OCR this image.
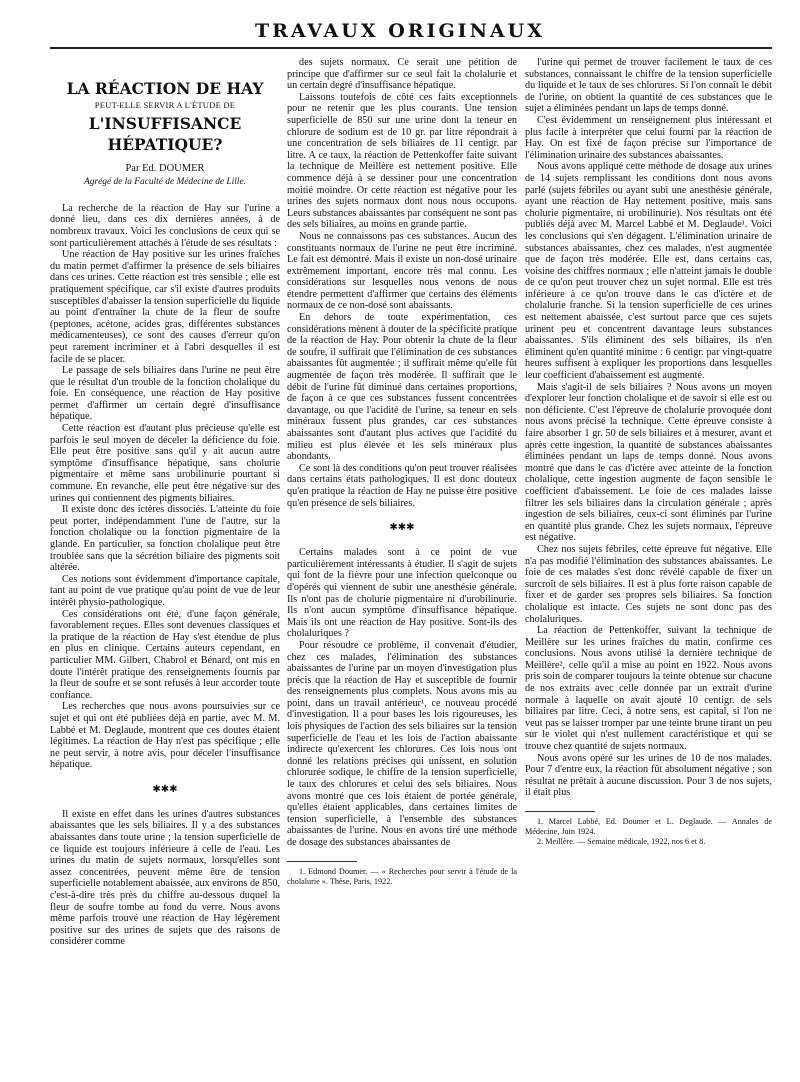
TRAVAUX ORIGINAUX
LA RÉACTION DE HAY
PEUT-ELLE SERVIR A L'ÉTUDE DE
L'INSUFFISANCE HÉPATIQUE?
Par Ed. DOUMER
Agrégé de la Faculté de Médecine de Lille.

La recherche de la réaction de Hay sur l'urine a donné lieu, dans ces dix dernières années, à de nombreux travaux. Voici les conclusions de ceux qui se sont particulièrement attachés à l'étude de ses résultats :

Une réaction de Hay positive sur les urines fraîches du matin permet d'affirmer la présence de sels biliaires dans ces urines. Cette réaction est très sensible ; elle est pratiquement spécifique, car s'il existe d'autres produits susceptibles d'abaisser la tension superficielle du liquide au point d'entraîner la chute de la fleur de soufre (peptones, acétone, acides gras, différentes substances médicamenteuses), ce sont des causes d'erreur qu'on peut rarement incriminer et à l'abri desquelles il est facile de se placer.

Le passage de sels biliaires dans l'urine ne peut être que le résultat d'un trouble de la fonction cholalique du foie. En conséquence, une réaction de Hay positive permet d'affirmer un certain degré d'insuffisance hépatique.

Cette réaction est d'autant plus précieuse qu'elle est parfois le seul moyen de déceler la déficience du foie. Elle peut être positive sans qu'il y ait aucun autre symptôme d'insuffisance hépatique, sans cholurie pigmentaire et même sans urobilinurie pourtant si commune. En revanche, elle peut être négative sur des urines qui contiennent des pigments biliaires.

Il existe donc des ictères dissociés. L'atteinte du foie peut porter, indépendamment l'une de l'autre, sur la fonction cholalique ou la fonction pigmentaire de la glande. En particulier, sa fonction cholalique peut être troublée sans que la sécrétion biliaire des pigments soit altérée.

Ces notions sont évidemment d'importance capitale, tant au point de vue pratique qu'au point de vue de leur intérêt physio-pathologique.

Ces considérations ont été, d'une façon générale, favorablement reçues. Elles sont devenues classiques et la pratique de la réaction de Hay s'est étendue de plus en plus en clinique. Certains auteurs cependant, en particulier MM. Gilbert, Chabrol et Bénard, ont mis en doute l'intérêt pratique des renseignements fournis par la fleur de soufre et se sont refusés à leur accorder toute confiance.

Les recherches que nous avons poursuivies sur ce sujet et qui ont été publiées déjà en partie, avec M. M. Labbé et M. Deglaude, montrent que ces doutes étaient légitimes. La réaction de Hay n'est pas spécifique ; elle ne peut servir, à notre avis, pour déceler l'insuffisance hépatique.

✱✱✱

Il existe en effet dans les urines d'autres substances abaissantes que les sels biliaires. Il y a des substances abaissantes dans toute urine ; la tension superficielle de ce liquide est toujours inférieure à celle de l'eau. Les urines du matin de sujets normaux, lorsqu'elles sont assez concentrées, peuvent même être de tension superficielle notablement abaissée, aux environs de 850, c'est-à-dire très près du chiffre au-dessous duquel la fleur de soufre tombe au fond du verre. Nous avons même parfois trouvé une réaction de Hay légèrement positive sur des urines de sujets que des raisons de considérer comme

des sujets normaux. Ce serait une pétition de principe que d'affirmer sur ce seul fait la cholalurie et un certain degré d'insuffisance hépatique.

Laissons toutefois de côté ces faits exceptionnels pour ne retenir que les plus courants. Une tension superficielle de 850 sur une urine dont la teneur en chlorure de sodium est de 10 gr. par litre répondrait à une concentration de sels biliaires de 11 centigr. par litre. A ce taux, la réaction de Pettenkoffer faite suivant la technique de Meillère est nettement positive. Elle commence déjà à se dessiner pour une concentration moitié moindre. Or cette réaction est négative pour les urines des sujets normaux dont nous nous occupons. Leurs substances abaissantes par conséquent ne sont pas des sels biliaires, au moins en grande partie.

Nous ne connaissons pas ces substances. Aucun des constituants normaux de l'urine ne peut être incriminé. Le fait est démontré. Mais il existe un non-dosé urinaire extrêmement important, encore très mal connu. Les considérations sur lesquelles nous venons de nous étendre permettent d'affirmer que certains des éléments normaux de ce non-dosé sont abaissants.

En dehors de toute expérimentation, ces considérations mènent à douter de la spécificité pratique de la réaction de Hay. Pour obtenir la chute de la fleur de soufre, il suffirait que l'élimination de ces substances abaissantes fût augmentée ; il suffirait même qu'elle fût augmentée de façon très modérée. Il suffirait que le débit de l'urine fût diminué dans certaines proportions, de façon à ce que ces substances fussent concentrées davantage, ou que l'acidité de l'urine, sa teneur en sels minéraux fussent plus grandes, car ces substances abaissantes sont d'autant plus actives que l'acidité du milieu est plus élevée et les sels minéraux plus abondants.

Ce sont là des conditions qu'on peut trouver réalisées dans certains états pathologiques. Il est donc douteux qu'en pratique la réaction de Hay ne puisse être positive qu'en présence de sels biliaires.

✱✱✱

Certains malades sont à ce point de vue particulièrement intéressants à étudier. Il s'agit de sujets qui font de la fièvre pour une infection quelconque ou d'opérés qui viennent de subir une anesthésie générale. Ils n'ont pas de cholurie pigmentaire ni d'urobilinurie. Ils n'ont aucun symptôme d'insuffisance hépatique. Mais ils ont une réaction de Hay positive. Sont-ils des cholaluriques ?

Pour résoudre ce problème, il convenait d'étudier, chez ces malades, l'élimination des substances abaissantes de l'urine par un moyen d'investigation plus précis que la réaction de Hay et susceptible de fournir des renseignements plus complets. Nous avons mis au point, dans un travail antérieur¹, ce nouveau procédé d'investigation. Il a pour bases les lois rigoureuses, les lois physiques de l'action des sels biliaires sur la tension superficielle de l'eau et les lois de l'action abaissante indirecte qu'exercent les chlorures. Ces lois nous ont donné les relations précises qui unissent, en solution chlorurée sodique, le chiffre de la tension superficielle, le taux des chlorures et celui des sels biliaires. Nous avons montré que ces lois étaient de portée générale, qu'elles étaient applicables, dans certaines limites de tension superficielle, à l'ensemble des substances abaissantes de l'urine. Nous en avons tiré une méthode de dosage des substances abaissantes de

1. Edmond Doumer. — « Recherches pour servir à l'étude de la cholalurie ». Thèse, Paris, 1922.

l'urine qui permet de trouver facilement le taux de ces substances, connaissant le chiffre de la tension superficielle du liquide et le taux de ses chlorures. Si l'on connaît le débit de l'urine, on obtient la quantité de ces substances que le sujet a éliminées pendant un laps de temps donné.

C'est évidemment un renseignement plus intéressant et plus facile à interpréter que celui fourni par la réaction de Hay. On est fixé de façon précise sur l'importance de l'élimination urinaire des substances abaissantes.

Nous avons appliqué cette méthode de dosage aux urines de 14 sujets remplissant les conditions dont nous avons parlé (sujets fébriles ou ayant subi une anesthésie générale, ayant une réaction de Hay nettement positive, mais sans cholurie pigmentaire, ni urobilinurie). Nos résultats ont été publiés déjà avec M. Marcel Labbé et M. Deglaude¹. Voici les conclusions qui s'en dégagent. L'élimination urinaire de substances abaissantes, chez ces malades, n'est augmentée que de façon très modérée. Elle est, dans certains cas, voisine des chiffres normaux ; elle n'atteint jamais le double de ce qu'on peut trouver chez un sujet normal. Elle est très inférieure à ce qu'on trouve dans le cas d'ictère et de cholalurie franche. Si la tension superficielle de ces urines est nettement abaissée, c'est surtout parce que ces sujets urinent peu et concentrent davantage leurs substances abaissantes. S'ils éliminent des sels biliaires, ils n'en éliminent qu'en quantité minime : 6 centigr. par vingt-quatre heures suffisent à expliquer les proportions dans lesquelles leur coefficient d'abaissement est augmenté.

Mais s'agit-il de sels biliaires ? Nous avons un moyen d'explorer leur fonction cholalique et de savoir si elle est ou non déficiente. C'est l'épreuve de cholalurie provoquée dont nous avons précisé la technique. Cette épreuve consiste à faire absorber 1 gr. 50 de sels biliaires et à mesurer, avant et après cette ingestion, la quantité de substances abaissantes éliminées pendant un laps de temps donné. Nous avons montré que dans le cas d'ictère avec atteinte de la fonction cholalique, cette ingestion augmente de façon sensible le coefficient d'abaissement. Le foie de ces malades laisse filtrer les sels biliaires dans la circulation générale ; après ingestion de sels biliaires, ceux-ci sont éliminés par l'urine en quantité plus grande. Chez les sujets normaux, l'épreuve est négative.

Chez nos sujets fébriles, cette épreuve fut négative. Elle n'a pas modifié l'élimination des substances abaissantes. Le foie de ces malades s'est donc révélé capable de fixer un surcroît de sels biliaires. Il est à plus forte raison capable de fixer et de garder ses propres sels biliaires. Sa fonction cholalique est intacte. Ces sujets ne sont donc pas des cholaluriques.

La réaction de Pettenkoffer, suivant la technique de Meillère sur les urines fraîches du matin, confirme ces conclusions. Nous avons utilisé la dernière technique de Meillère², celle qu'il a mise au point en 1922. Nous avons pris soin de comparer toujours la teinte obtenue sur chacune de nos extraits avec celle donnée par un extrait d'urine normale à laquelle on avait ajouté 10 centigr. de sels biliaires par litre. Ceci, à notre sens, est capital, si l'on ne veut pas se laisser tromper par une teinte brune tirant un peu sur le violet qui n'est nullement caractéristique et qui se trouve chez quantité de sujets normaux.

Nous avons opéré sur les urines de 10 de nos malades. Pour 7 d'entre eux, la réaction fût absolument négative ; son résultat ne prêtait à aucune discussion. Pour 3 de nos sujets, il était plus

1. Marcel Labbé, Ed. Doumer et L. Deglaude. — Annales de Médecine, Juin 1924.

2. Meillère. — Semaine médicale, 1922, nos 6 et 8.
